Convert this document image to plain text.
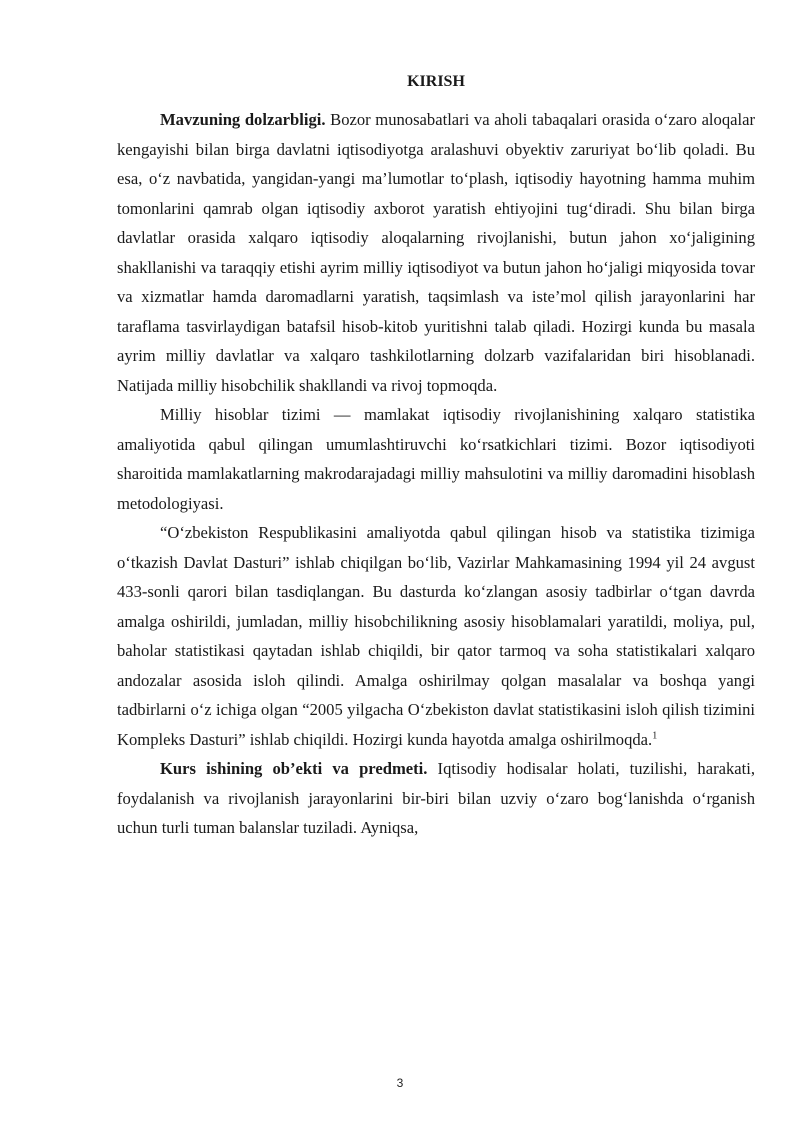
KIRISH

Mavzuning dolzarbligi. Bozor munosabatlari va aholi tabaqalari orasida o‘zaro aloqalar kengayishi bilan birga davlatni iqtisodiyotga aralashuvi obyektiv zaruriyat bo‘lib qoladi. Bu esa, o‘z navbatida, yangidan-yangi ma’lumotlar to‘plash, iqtisodiy hayotning hamma muhim tomonlarini qamrab olgan iqtisodiy axborot yaratish ehtiyojini tug‘diradi. Shu bilan birga davlatlar orasida xalqaro iqtisodiy aloqalarning rivojlanishi, butun jahon xo‘jaligining shakllanishi va taraqqiy etishi ayrim milliy iqtisodiyot va butun jahon ho‘jaligi miqyosida tovar va xizmatlar hamda daromadlarni yaratish, taqsimlash va iste’mol qilish jarayonlarini har taraflama tasvirlaydigan batafsil hisob-kitob yuritishni talab qiladi. Hozirgi kunda bu masala ayrim milliy davlatlar va xalqaro tashkilotlarning dolzarb vazifalaridan biri hisoblanadi. Natijada milliy hisobchilik shakllandi va rivoj topmoqda.

Milliy hisoblar tizimi — mamlakat iqtisodiy rivojlanishining xalqaro statistika amaliyotida qabul qilingan umumlashtiruvchi ko‘rsatkichlari tizimi. Bozor iqtisodiyoti sharoitida mamlakatlarning makrodarajadagi milliy mahsulotini va milliy daromadini hisoblash metodologiyasi.

“O‘zbekiston Respublikasini amaliyotda qabul qilingan hisob va statistika tizimiga o‘tkazish Davlat Dasturi” ishlab chiqilgan bo‘lib, Vazirlar Mahkamasining 1994 yil 24 avgust 433-sonli qarori bilan tasdiqlangan. Bu dasturda ko‘zlangan asosiy tadbirlar o‘tgan davrda amalga oshirildi, jumladan, milliy hisobchilikning asosiy hisoblamalari yaratildi, moliya, pul, baholar statistikasi qaytadan ishlab chiqildi, bir qator tarmoq va soha statistikalari xalqaro andozalar asosida isloh qilindi. Amalga oshirilmay qolgan masalalar va boshqa yangi tadbirlarni o‘z ichiga olgan “2005 yilgacha O‘zbekiston davlat statistikasini isloh qilish tizimini Kompleks Dasturi” ishlab chiqildi. Hozirgi kunda hayotda amalga oshirilmoqda.$^1$

Kurs ishining ob’ekti va predmeti. Iqtisodiy hodisalar holati, tuzilishi, harakati, foydalanish va rivojlanish jarayonlarini bir-biri bilan uzviy o‘zaro bog‘lanishda o‘rganish uchun turli tuman balanslar tuziladi. Ayniqsa,

3
